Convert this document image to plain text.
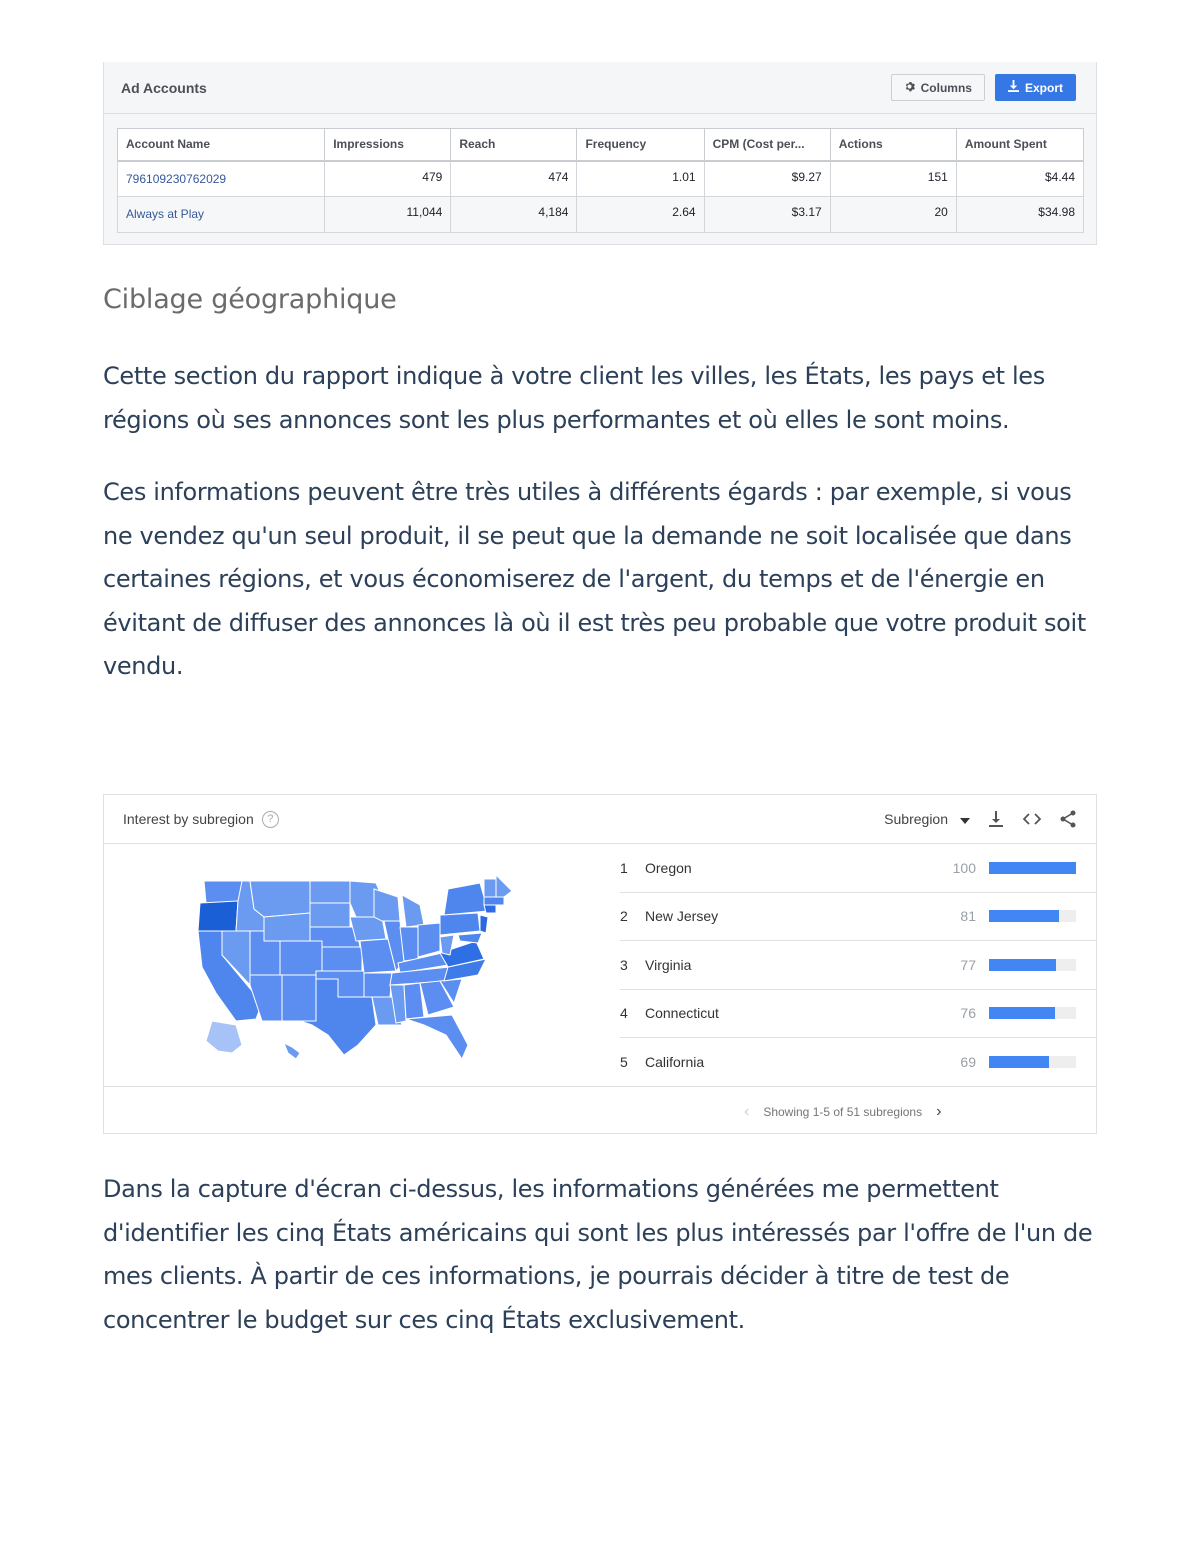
Ad Accounts	Columns	Export
Account Name	Impressions	Reach	Frequency	CPM (Cost per...	Actions	Amount Spent
796109230762029	479	474	1.01	$9.27	151	$4.44
Always at Play	11,044	4,184	2.64	$3.17	20	$34.98
Ciblage géographique

Cette section du rapport indique à votre client les villes, les États, les pays et les régions où ses annonces sont les plus performantes et où elles le sont moins.

Ces informations peuvent être très utiles à différents égards : par exemple, si vous ne vendez qu'un seul produit, il se peut que la demande ne soit localisée que dans certaines régions, et vous économiserez de l'argent, du temps et de l'énergie en évitant de diffuser des annonces là où il est très peu probable que votre produit soit vendu.

Interest by subregion	?	Subregion
1	Oregon	100
2	New Jersey	81
3	Virginia	77
4	Connecticut	76
5	California	69
‹ Showing 1-5 of 51 subregions ›

Dans la capture d'écran ci-dessus, les informations générées me permettent d'identifier les cinq États américains qui sont les plus intéressés par l'offre de l'un de mes clients. À partir de ces informations, je pourrais décider à titre de test de concentrer le budget sur ces cinq États exclusivement.
